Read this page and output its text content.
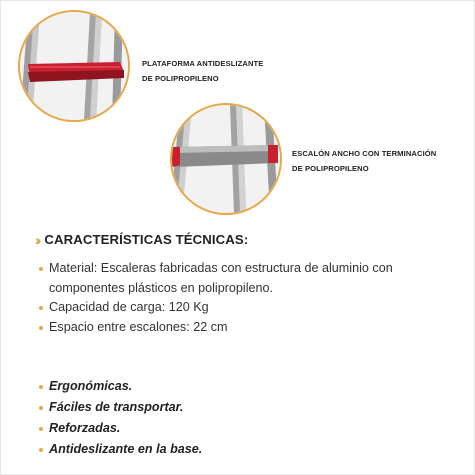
PLATAFORMA ANTIDESLIZANTE
DE POLIPROPILENO
ESCALÓN ANCHO CON TERMINACIÓN
DE POLIPROPILENO
›› CARACTERÍSTICAS TÉCNICAS:
Material: Escaleras fabricadas con estructura de aluminio con
componentes plásticos en polipropileno.
Capacidad de carga: 120 Kg
Espacio entre escalones: 22 cm
Ergonómicas.
Fáciles de transportar.
Reforzadas.
Antideslizante en la base.
